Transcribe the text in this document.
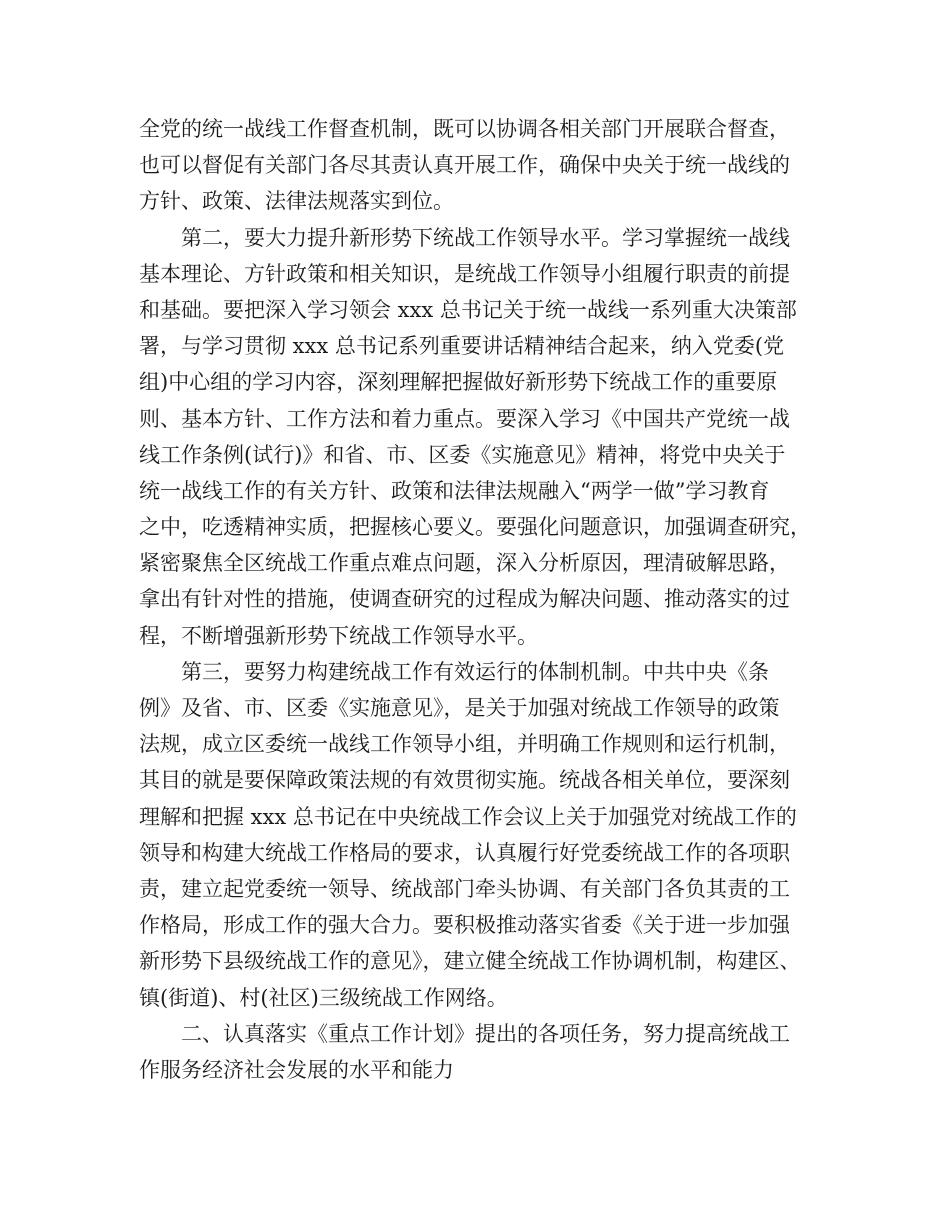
全党的统一战线工作督查机制，既可以协调各相关部门开展联合督查，
也可以督促有关部门各尽其责认真开展工作，确保中央关于统一战线的
方针、政策、法律法规落实到位。
第二，要大力提升新形势下统战工作领导水平。学习掌握统一战线
基本理论、方针政策和相关知识，是统战工作领导小组履行职责的前提
和基础。要把深入学习领会 xxx 总书记关于统一战线一系列重大决策部
署，与学习贯彻 xxx 总书记系列重要讲话精神结合起来，纳入党委(党
组)中心组的学习内容，深刻理解把握做好新形势下统战工作的重要原
则、基本方针、工作方法和着力重点。要深入学习《中国共产党统一战
线工作条例(试行)》和省、市、区委《实施意见》精神，将党中央关于
统一战线工作的有关方针、政策和法律法规融入“两学一做”学习教育
之中，吃透精神实质，把握核心要义。要强化问题意识，加强调查研究，
紧密聚焦全区统战工作重点难点问题，深入分析原因，理清破解思路，
拿出有针对性的措施，使调查研究的过程成为解决问题、推动落实的过
程，不断增强新形势下统战工作领导水平。
第三，要努力构建统战工作有效运行的体制机制。中共中央《条
例》及省、市、区委《实施意见》，是关于加强对统战工作领导的政策
法规，成立区委统一战线工作领导小组，并明确工作规则和运行机制，
其目的就是要保障政策法规的有效贯彻实施。统战各相关单位，要深刻
理解和把握 xxx 总书记在中央统战工作会议上关于加强党对统战工作的
领导和构建大统战工作格局的要求，认真履行好党委统战工作的各项职
责，建立起党委统一领导、统战部门牵头协调、有关部门各负其责的工
作格局，形成工作的强大合力。要积极推动落实省委《关于进一步加强
新形势下县级统战工作的意见》，建立健全统战工作协调机制，构建区、
镇(街道)、村(社区)三级统战工作网络。
二、认真落实《重点工作计划》提出的各项任务，努力提高统战工
作服务经济社会发展的水平和能力
